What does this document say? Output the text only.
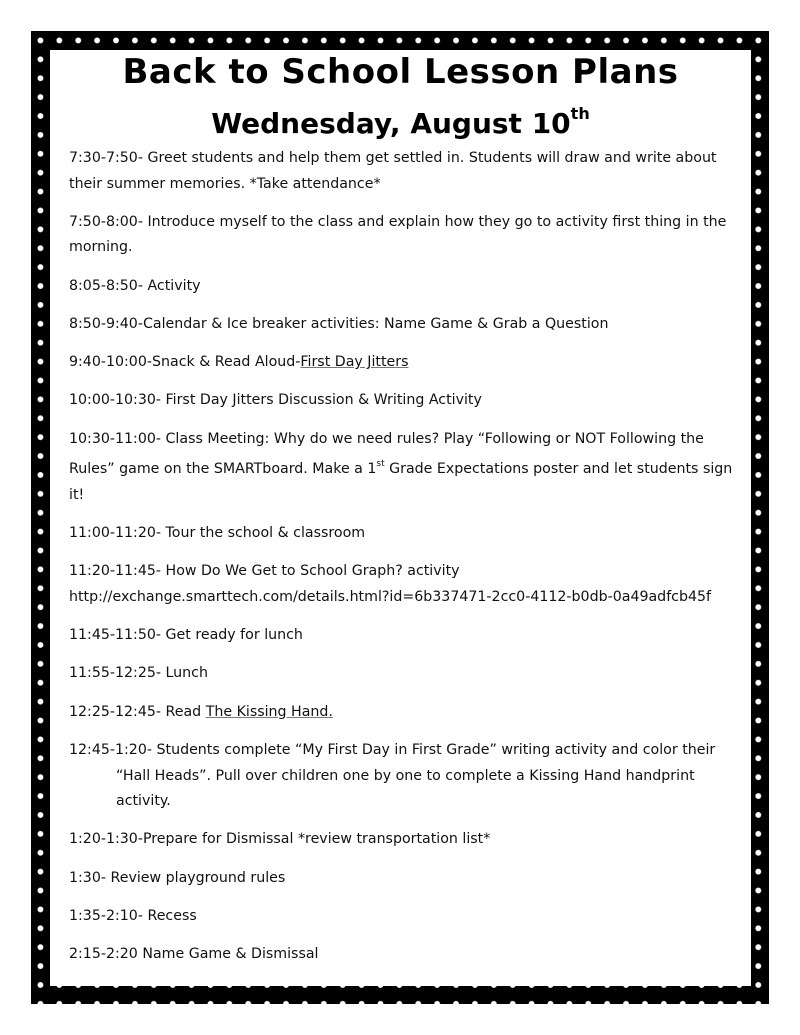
Back to School Lesson Plans
Wednesday, August 10th
7:30-7:50- Greet students and help them get settled in. Students will draw and write about their summer memories. *Take attendance*
7:50-8:00- Introduce myself to the class and explain how they go to activity first thing in the morning.
8:05-8:50- Activity
8:50-9:40-Calendar & Ice breaker activities: Name Game & Grab a Question
9:40-10:00-Snack & Read Aloud-First Day Jitters
10:00-10:30- First Day Jitters Discussion & Writing Activity
10:30-11:00- Class Meeting: Why do we need rules? Play “Following or NOT Following the Rules” game on the SMARTboard. Make a 1st Grade Expectations poster and let students sign it!
11:00-11:20- Tour the school & classroom
11:20-11:45- How Do We Get to School Graph? activity
http://exchange.smarttech.com/details.html?id=6b337471-2cc0-4112-b0db-0a49adfcb45f
11:45-11:50- Get ready for lunch
11:55-12:25- Lunch
12:25-12:45- Read The Kissing Hand.
12:45-1:20- Students complete “My First Day in First Grade” writing activity and color their “Hall Heads”. Pull over children one by one to complete a Kissing Hand handprint activity.
1:20-1:30-Prepare for Dismissal *review transportation list*
1:30- Review playground rules
1:35-2:10- Recess
2:15-2:20 Name Game & Dismissal
